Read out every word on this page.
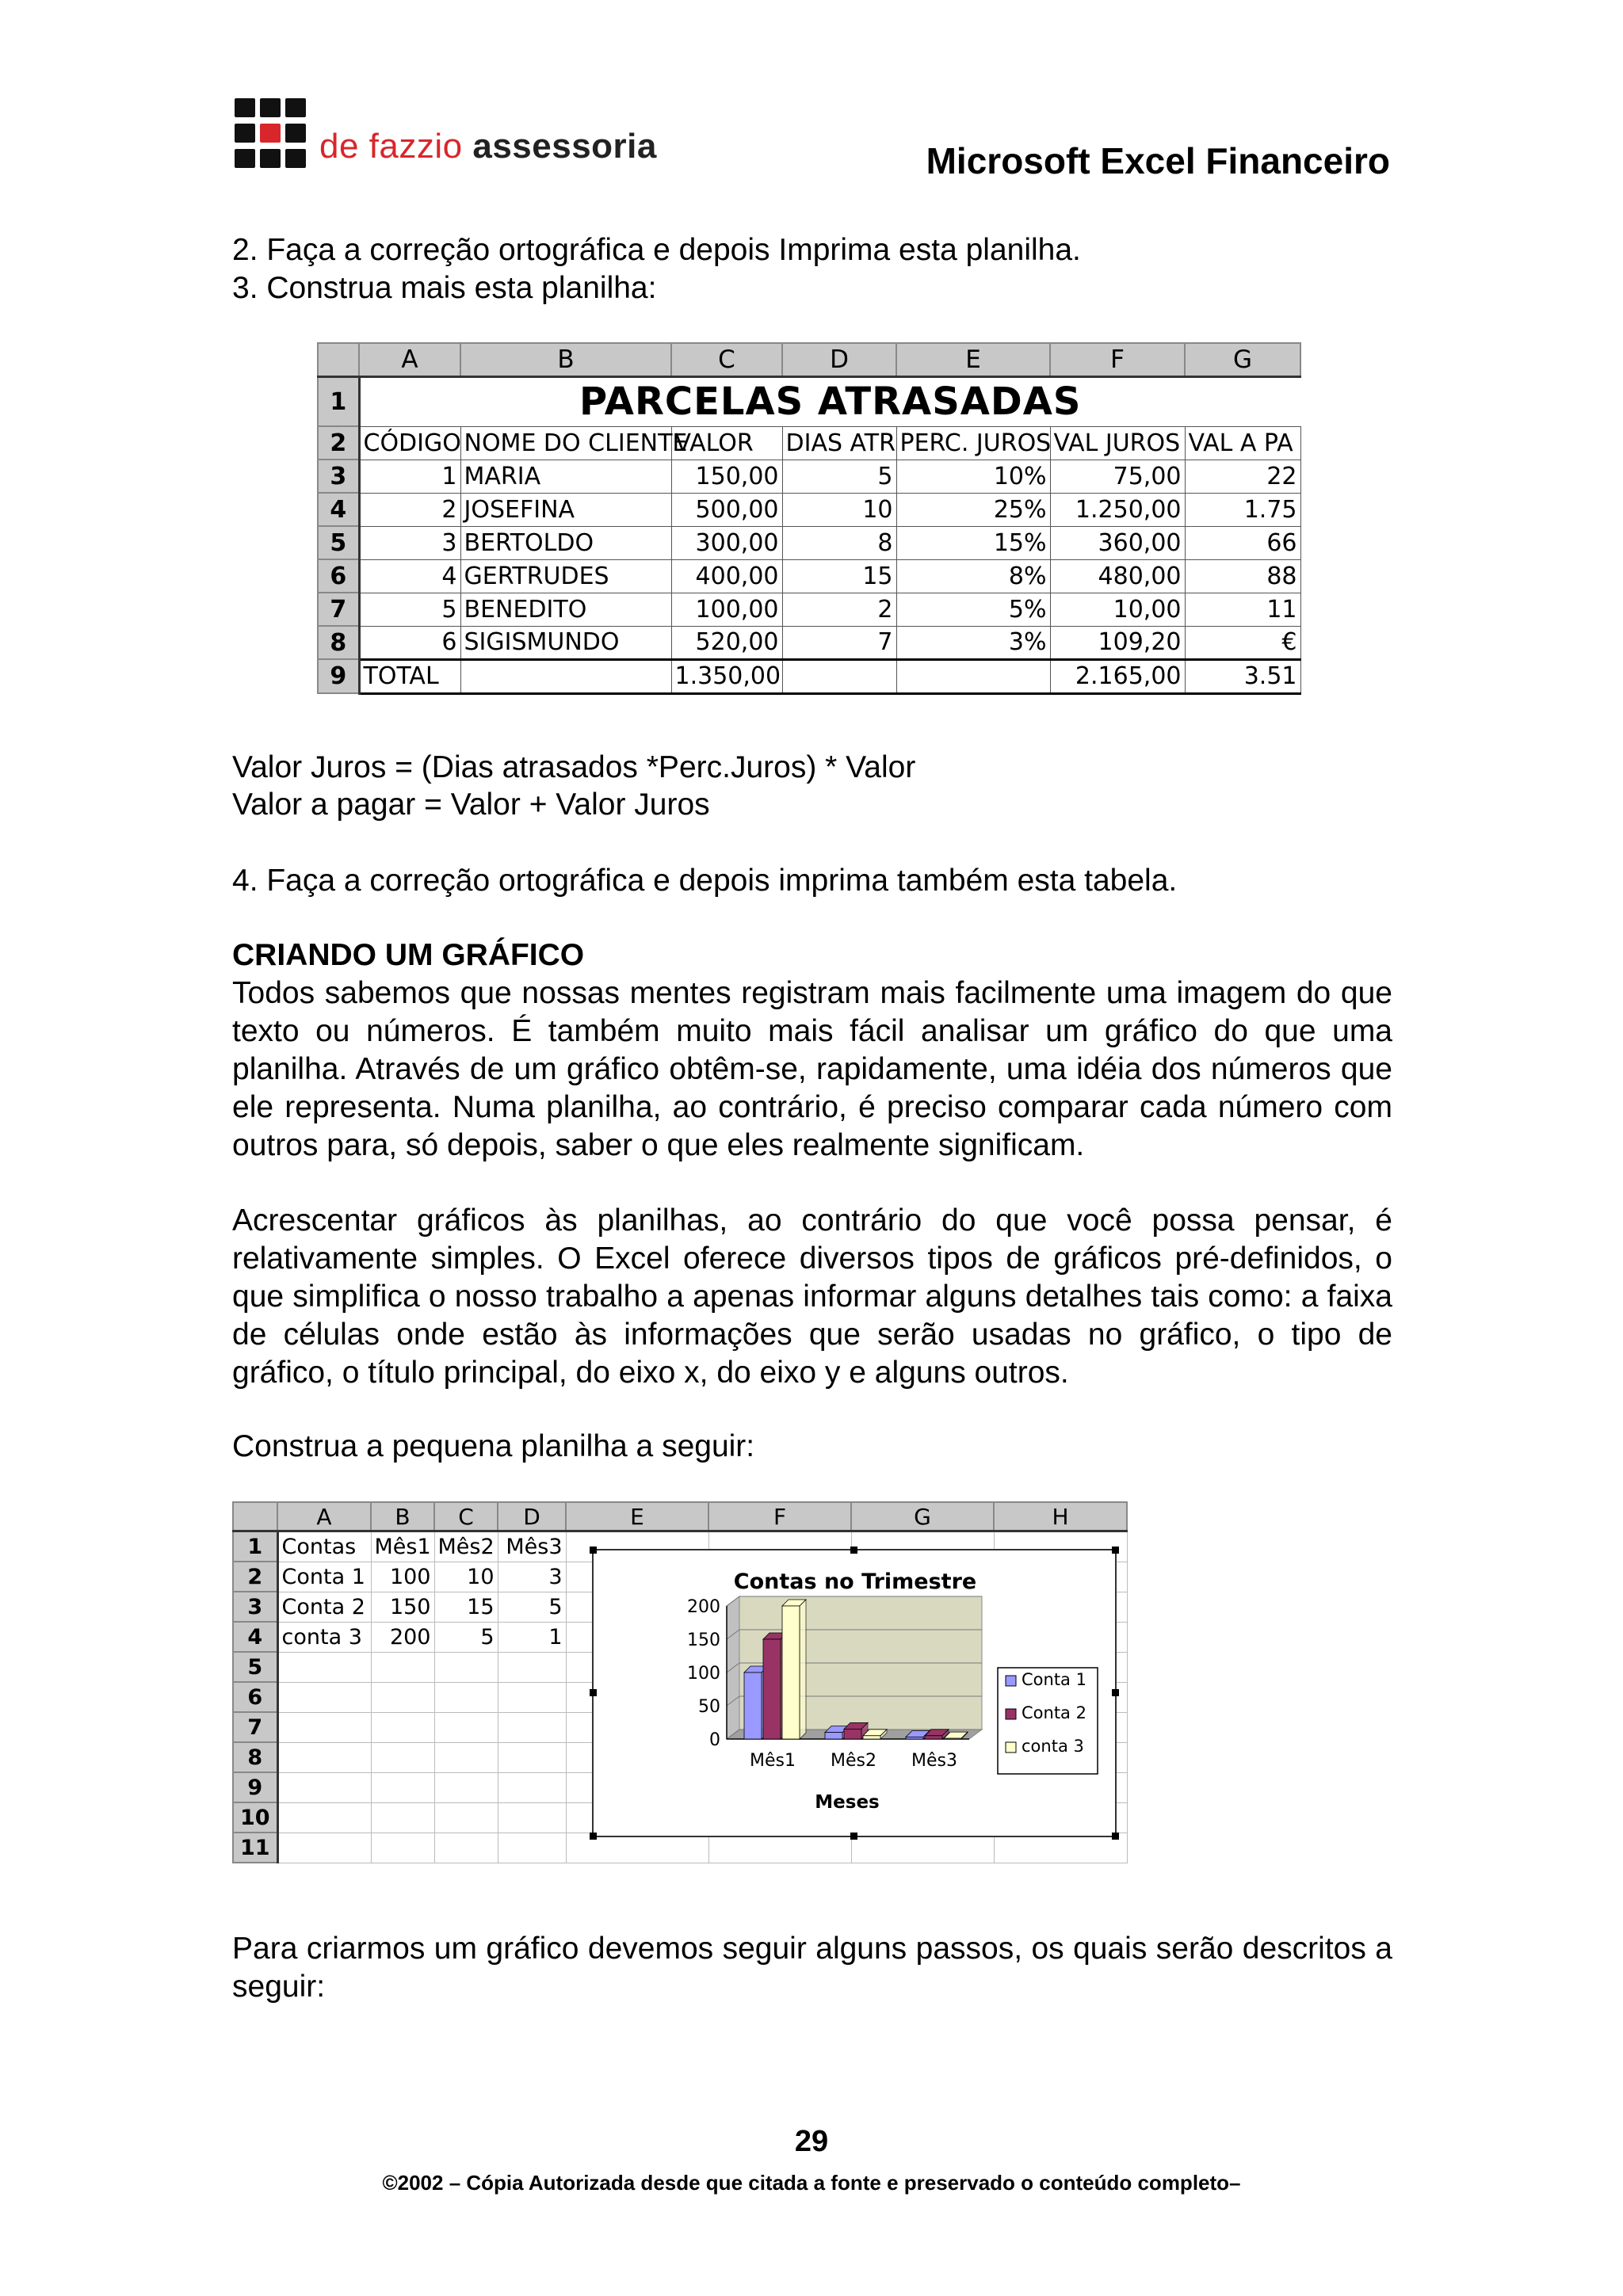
de fazzio assessoria	Microsoft Excel Financeiro
2. Faça a correção ortográfica e depois Imprima esta planilha.
3. Construa mais esta planilha:
	A	B	C	D	E	F	G
1	PARCELAS ATRASADAS						
2	CÓDIGO	NOME DO CLIENTE	VALOR	DIAS ATR	PERC. JUROS	VAL JUROS	VAL A PA
3	1	MARIA	150,00	5	10%	75,00	22
4	2	JOSEFINA	500,00	10	25%	1.250,00	1.75
5	3	BERTOLDO	300,00	8	15%	360,00	66
6	4	GERTRUDES	400,00	15	8%	480,00	88
7	5	BENEDITO	100,00	2	5%	10,00	11
8	6	SIGISMUNDO	520,00	7	3%	109,20	€
9	TOTAL		1.350,00			2.165,00	3.51
Valor Juros = (Dias atrasados *Perc.Juros) * Valor
Valor a pagar = Valor + Valor Juros
4. Faça a correção ortográfica e depois imprima também esta tabela.
CRIANDO UM GRÁFICO
Todos sabemos que nossas mentes registram mais facilmente uma imagem do que texto ou números. É também muito mais fácil analisar um gráfico do que uma planilha. Através de um gráfico obtêm-se, rapidamente, uma idéia dos números que ele representa. Numa planilha, ao contrário, é preciso comparar cada número com outros para, só depois, saber o que eles realmente significam.
Acrescentar gráficos às planilhas, ao contrário do que você possa pensar, é relativamente simples. O Excel oferece diversos tipos de gráficos pré-definidos, o que simplifica o nosso trabalho a apenas informar alguns detalhes tais como: a faixa de células onde estão às informações que serão usadas no gráfico, o tipo de gráfico, o título principal, do eixo x, do eixo y e alguns outros.
Construa a pequena planilha a seguir:
	A	B	C	D	E	F	G	H
1	Contas	Mês1	Mês2	Mês3				
2	Conta 1	100	10	3				
3	Conta 2	150	15	5				
4	conta 3	200	5	1				
5								
6								
7								
8								
9								
10								
11								
Contas no Trimestre
0
50
100
150
200
Mês1 Mês2 Mês3
Meses
Conta 1
Conta 2
conta 3
Para criarmos um gráfico devemos seguir alguns passos, os quais serão descritos a seguir:
29
©2002 – Cópia Autorizada desde que citada a fonte e preservado o conteúdo completo–
